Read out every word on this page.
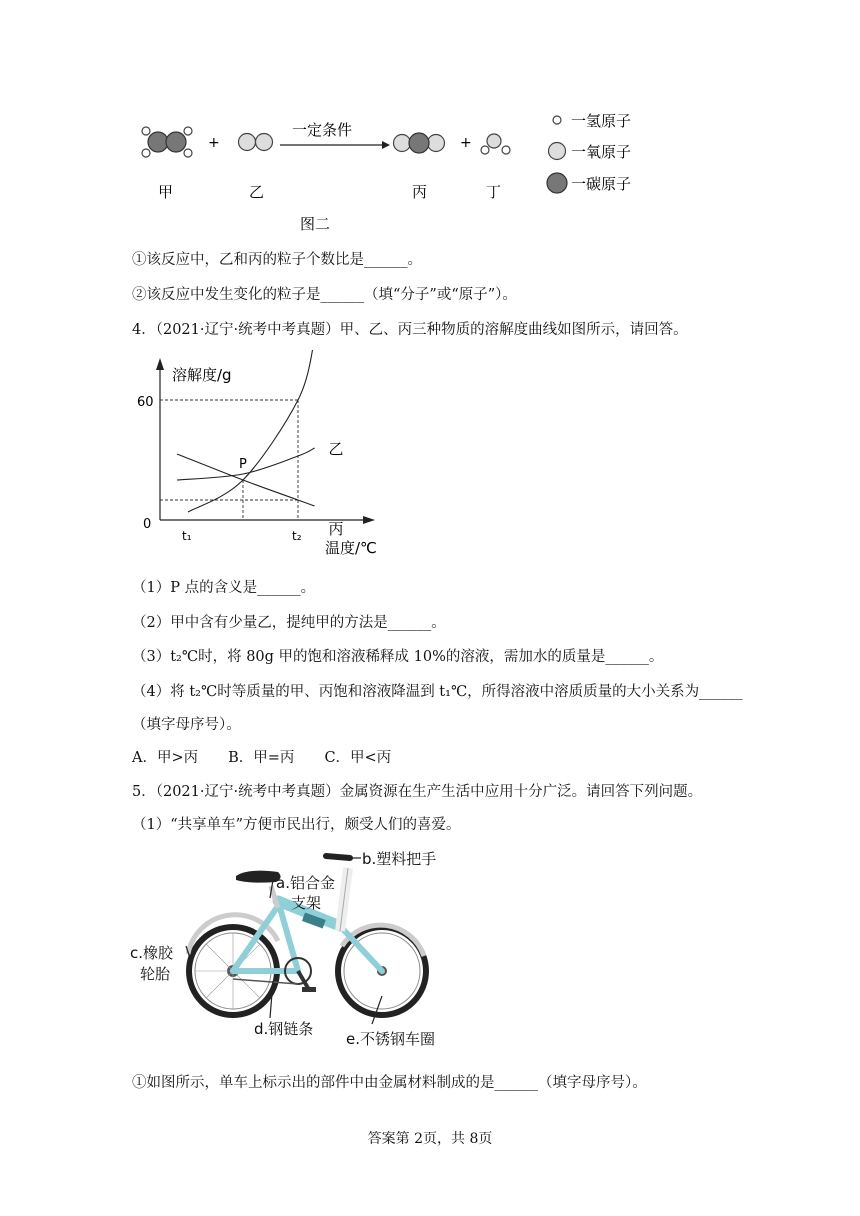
+
一定条件
+
甲	乙	丙	丁
图二
一氢原子
一氧原子
一碳原子
①该反应中，乙和丙的粒子个数比是______。
②该反应中发生变化的粒子是______（填“分子”或“原子”）。
4．（2021·辽宁·统考中考真题）甲、乙、丙三种物质的溶解度曲线如图所示，请回答。
溶解度/g
温度/℃
60
0
t₁	t₂
乙
丙
P
（1）P 点的含义是______。
（2）甲中含有少量乙，提纯甲的方法是______。
（3）t₂℃时，将 80g 甲的饱和溶液稀释成 10%的溶液，需加水的质量是______。
（4）将 t₂℃时等质量的甲、丙饱和溶液降温到 t₁℃，所得溶液中溶质质量的大小关系为______
（填字母序号）。
A．甲>丙 B．甲=丙 C．甲<丙
5．（2021·辽宁·统考中考真题）金属资源在生产生活中应用十分广泛。请回答下列问题。
（1）“共享单车”方便市民出行，颇受人们的喜爱。
b.塑料把手
a.铝合金
支架
c.橡胶
轮胎
d.钢链条
e.不锈钢车圈
①如图所示，单车上标示出的部件中由金属材料制成的是______（填字母序号）。
答案第 2页，共 8页
